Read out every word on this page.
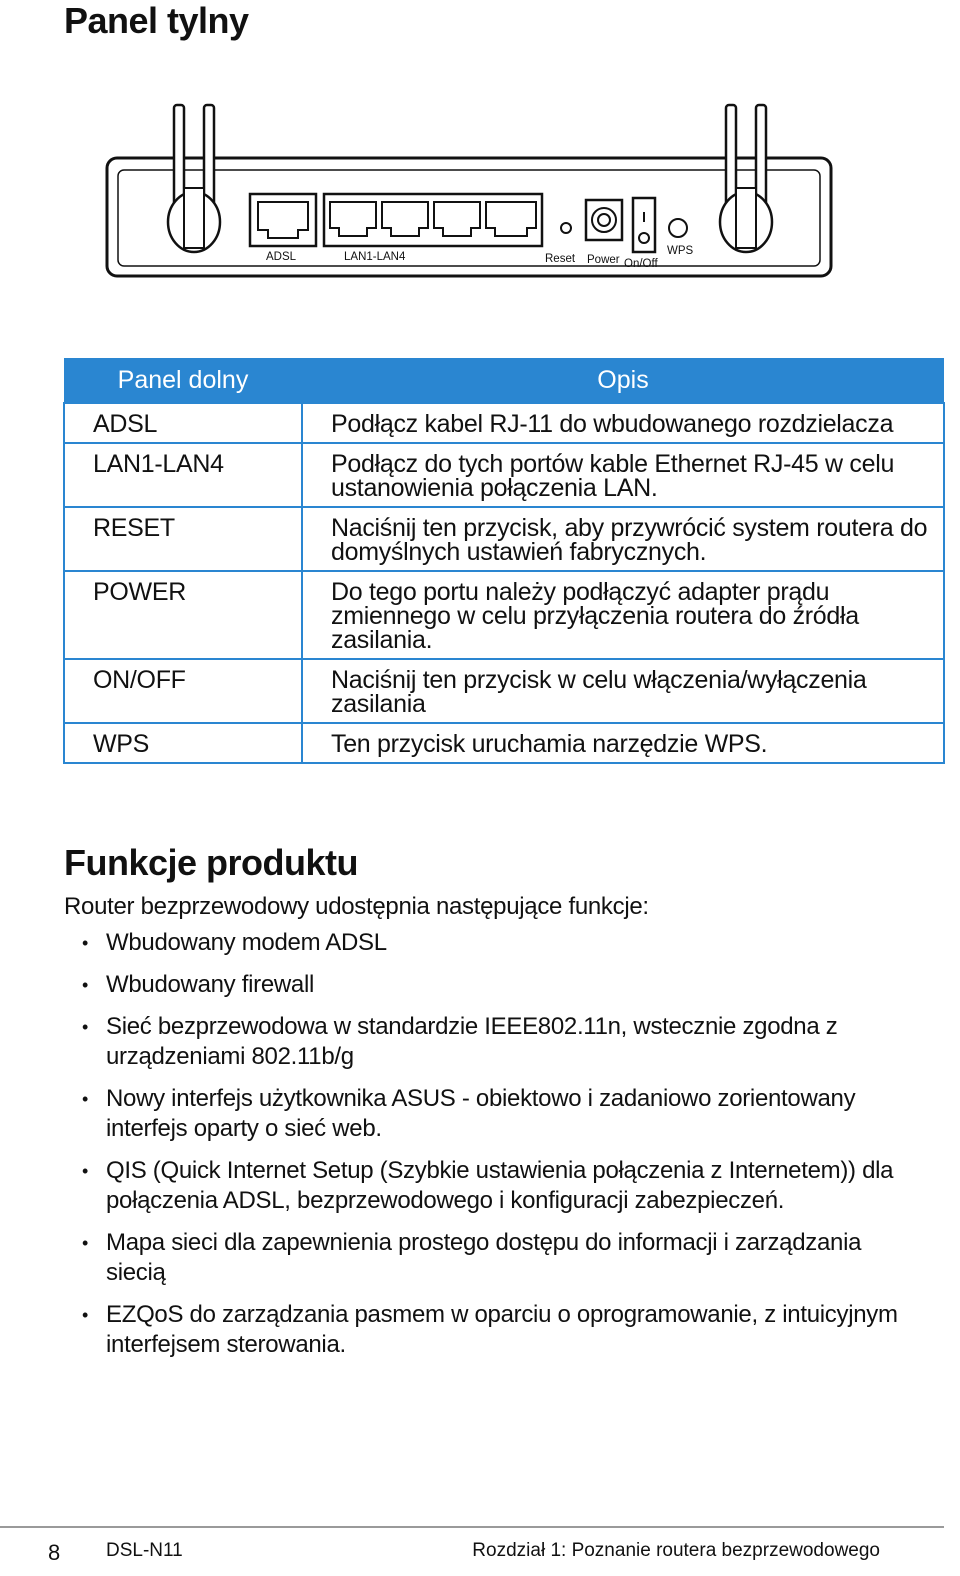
Panel tylny
ADSL	LAN1-LAN4	Reset Power On/Off
WPS
Panel dolny	Opis
ADSL	Podłącz kabel RJ-11 do wbudowanego rozdzielacza
LAN1-LAN4	Podłącz do tych portów kable Ethernet RJ-45 w celu ustanowienia połączenia LAN.
RESET	Naciśnij ten przycisk, aby przywrócić system routera do domyślnych ustawień fabrycznych.
POWER	Do tego portu należy podłączyć adapter prądu zmiennego w celu przyłączenia routera do źródła zasilania.
ON/OFF	Naciśnij ten przycisk w celu włączenia/wyłączenia zasilania
WPS	Ten przycisk uruchamia narzędzie WPS.
Funkcje produktu

Router bezprzewodowy udostępnia następujące funkcje:

• Wbudowany modem ADSL
• Wbudowany firewall
• Sieć bezprzewodowa w standardzie IEEE802.11n, wstecznie zgodna z urządzeniami 802.11b/g
• Nowy interfejs użytkownika ASUS - obiektowo i zadaniowo zorientowany interfejs oparty o sieć web.
• QIS (Quick Internet Setup (Szybkie ustawienia połączenia z Internetem)) dla połączenia ADSL, bezprzewodowego i konfiguracji zabezpieczeń.
• Mapa sieci dla zapewnienia prostego dostępu do informacji i zarządzania siecią
• EZQoS do zarządzania pasmem w oparciu o oprogramowanie, z intuicyjnym interfejsem sterowania.
8 DSL-N11	Rozdział 1: Poznanie routera bezprzewodowego
